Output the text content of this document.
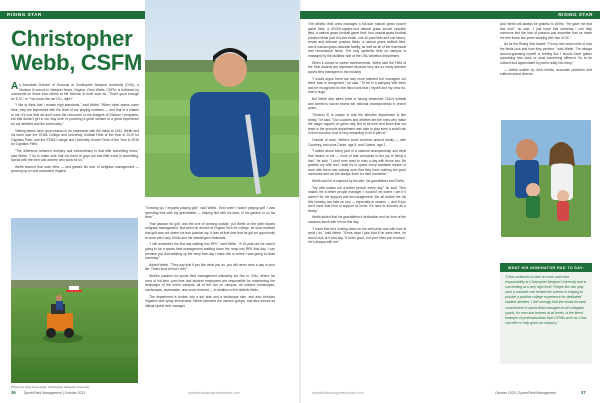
RISING STAR
Christopher
Webb, CSFM

As Associate Director of Grounds at Christopher Newport University (CNU), a Division III school in Newport News, Virginia, Chris Webb, CSFM, is bothered by comments he hears from others at the Division III level such as, "That's good enough for D III," or "You know this isn't D-I, right?"

"I like to think that I remain high standards," said Webb. "When other teams come here, they are impressed with the level of our playing surfaces — and that is a shame to me. It's true that we don't have the resources or the budgets of Division I programs, but that doesn't get in our way here of providing a great surface or a great experience for our athletes and the community."

Visiting teams have good reason to be impressed with the fields at CNU. Webb and his team won the STMA College and University Softball Field of the Year in 2019 for Captains Park, and the STMA College and University Soccer Field of the Year in 2016 for Captains Field.

"The difference between ordinary and extraordinary is that little something extra," said Webb. "I try to make sure that my team of guys put that little extra in something. Speak with the men and women who work for us."

Webb learned that work ethic — and gained his love of turfgrass management — growing up in rural southwest Virginia.

"Growing up, I enjoyed playing golf," said Webb. "And when I wasn't playing golf, I was spending time with my grandfather — helping him with his lawn, in his garden or on his farm."

That passion for golf, and the love of working outside, put Webb on the path toward turfgrass management. But when he arrived at Virginia Tech for college, he soon realized that golf was not where his true passion lay. It was at that time that he got an opportunity to work with Larry DiVito and the Washington Nationals.

"I still remember the first day walking into RFK," said Webb. "A 19-year-old me wasn't going to be a sports field management walking down the ramp into RFK that day. I can promise you that walking up the ramp that day I knew this is where I was going to head someday."

Added Webb, "They say that if you like what you do, you will never work a day in your life. That's kind of how I feel."

Webb's passion for sports field management ultimately led him to CNU, where his crew of full-time, part-time and student employees are responsible for maintaining the landscape of the entire campus, all of the turf on campus, all outdoor hardscapes, hardscapes, stormwater, and snow removal — in addition to the athletic fields.

The department is broken into a turf side and a landscape side, and also includes irrigation and spray technicians. Webb oversees the various groups, and also serves as official sports field manager.

Photos by Kyle Cummings, Christopher Newport University
36 SportsField Management | October 2023	sportsfieldmanagementonline.com
RISING STAR

The athletic field crew manages a full-size natural grass soccer game field, a 40,000-square-foot natural grass soccer practice field, a natural grass football game field, four natural grass football practice fields (two full-size fields, one 40-yard field and one sliver), tennis and defense practice fields, a natural grass softball field, and a natural grass baseball facility, as well as all of the intermural and recreational fields. The only synthetic field on campus is managed by the facilities side of the CNU athletics department.

When it comes to career achievements, Webb said the Field of the Year Awards are important because they are so many talented sports field managers in the industry.

"I would argue there are way more talented turf managers out there than is recognized," he said. "To be in a category with them and be recognized for the hard work that I myself and my crew do, that is huge."

But Webb also takes pride in having witnessed CNU's softball and women's soccer teams win national championships in recent years.

"Division III is unique in that the athletics department is like family," he said. "Our coaches and athletes are the ones who make the magic happen on game day. But to sit here and know that our team in the grounds department was able to play even a small role in their success, that is very rewarding to be a part of."

Outside of work, Webb's world revolves around family — wife Courtney, and sons Carter, age 5, and Carson, age 2.

"I talked about being part of a national championship and what that means to me — none of that compares to the joy of being a dad," he said. "I don't ever want to miss a day with those two. Be grateful my wife and I both try to spend every available minute of work with them and making sure that they have nothing but good memories and we are always there for their moments."

Webb said he is inspired by his wife, his grandfather and DiVito.

"My wife makes me a better person every day," he said. "She makes me a better people manager. I wouldn't be where I am if it weren't for her support and encouragement. We all realize the toll this industry can take on you — especially in season — and if you don't have that kind of support at home, it's hard to function as a family."

Webb added that his grandfather's dedication and his love of the outdoors stuck with him to this day.

"I know that he's looking down on me with pride and with love at what I do," said Webb. "Some days I joke that if he were here, he would look at it and say, 'It looks good, but your lines are crooked.' He's always with me."

And Webb will always be grateful to DiVito. "He gave me that first shot," he said. "I just hope that someday I can help someone find the love of passion and expertise that he made me feel those two years working with him in DC."

As for the Rising Star Award: "I'm my own worst critic of how the fields look and how they perform," said Webb. "I'm always second-guessing myself or feeling like I should have gotten something else done or done something different. So to be noticed and appreciated by peers really hits deep."

— Article written by John Kmitta, associate publisher and editorial brand director.

WHAT HIS NOMINATOR HAD TO SAY:
"Chris continues to take on more and more responsibility at Christopher Newport University and is succeeding at a very high level. People like him play such a valuable role behind the scenes in helping to provide a positive college experience for dedicated student-athletes. I feel strongly that the broad-focused commitment of sports field managers to all collegiate sports, for men and women at all levels, is the finest example of professionalism that CSFMs such as Chris can offer to help grow our industry."
sportsfieldmanagementonline.com	October 2023 | SportsField Management	37
